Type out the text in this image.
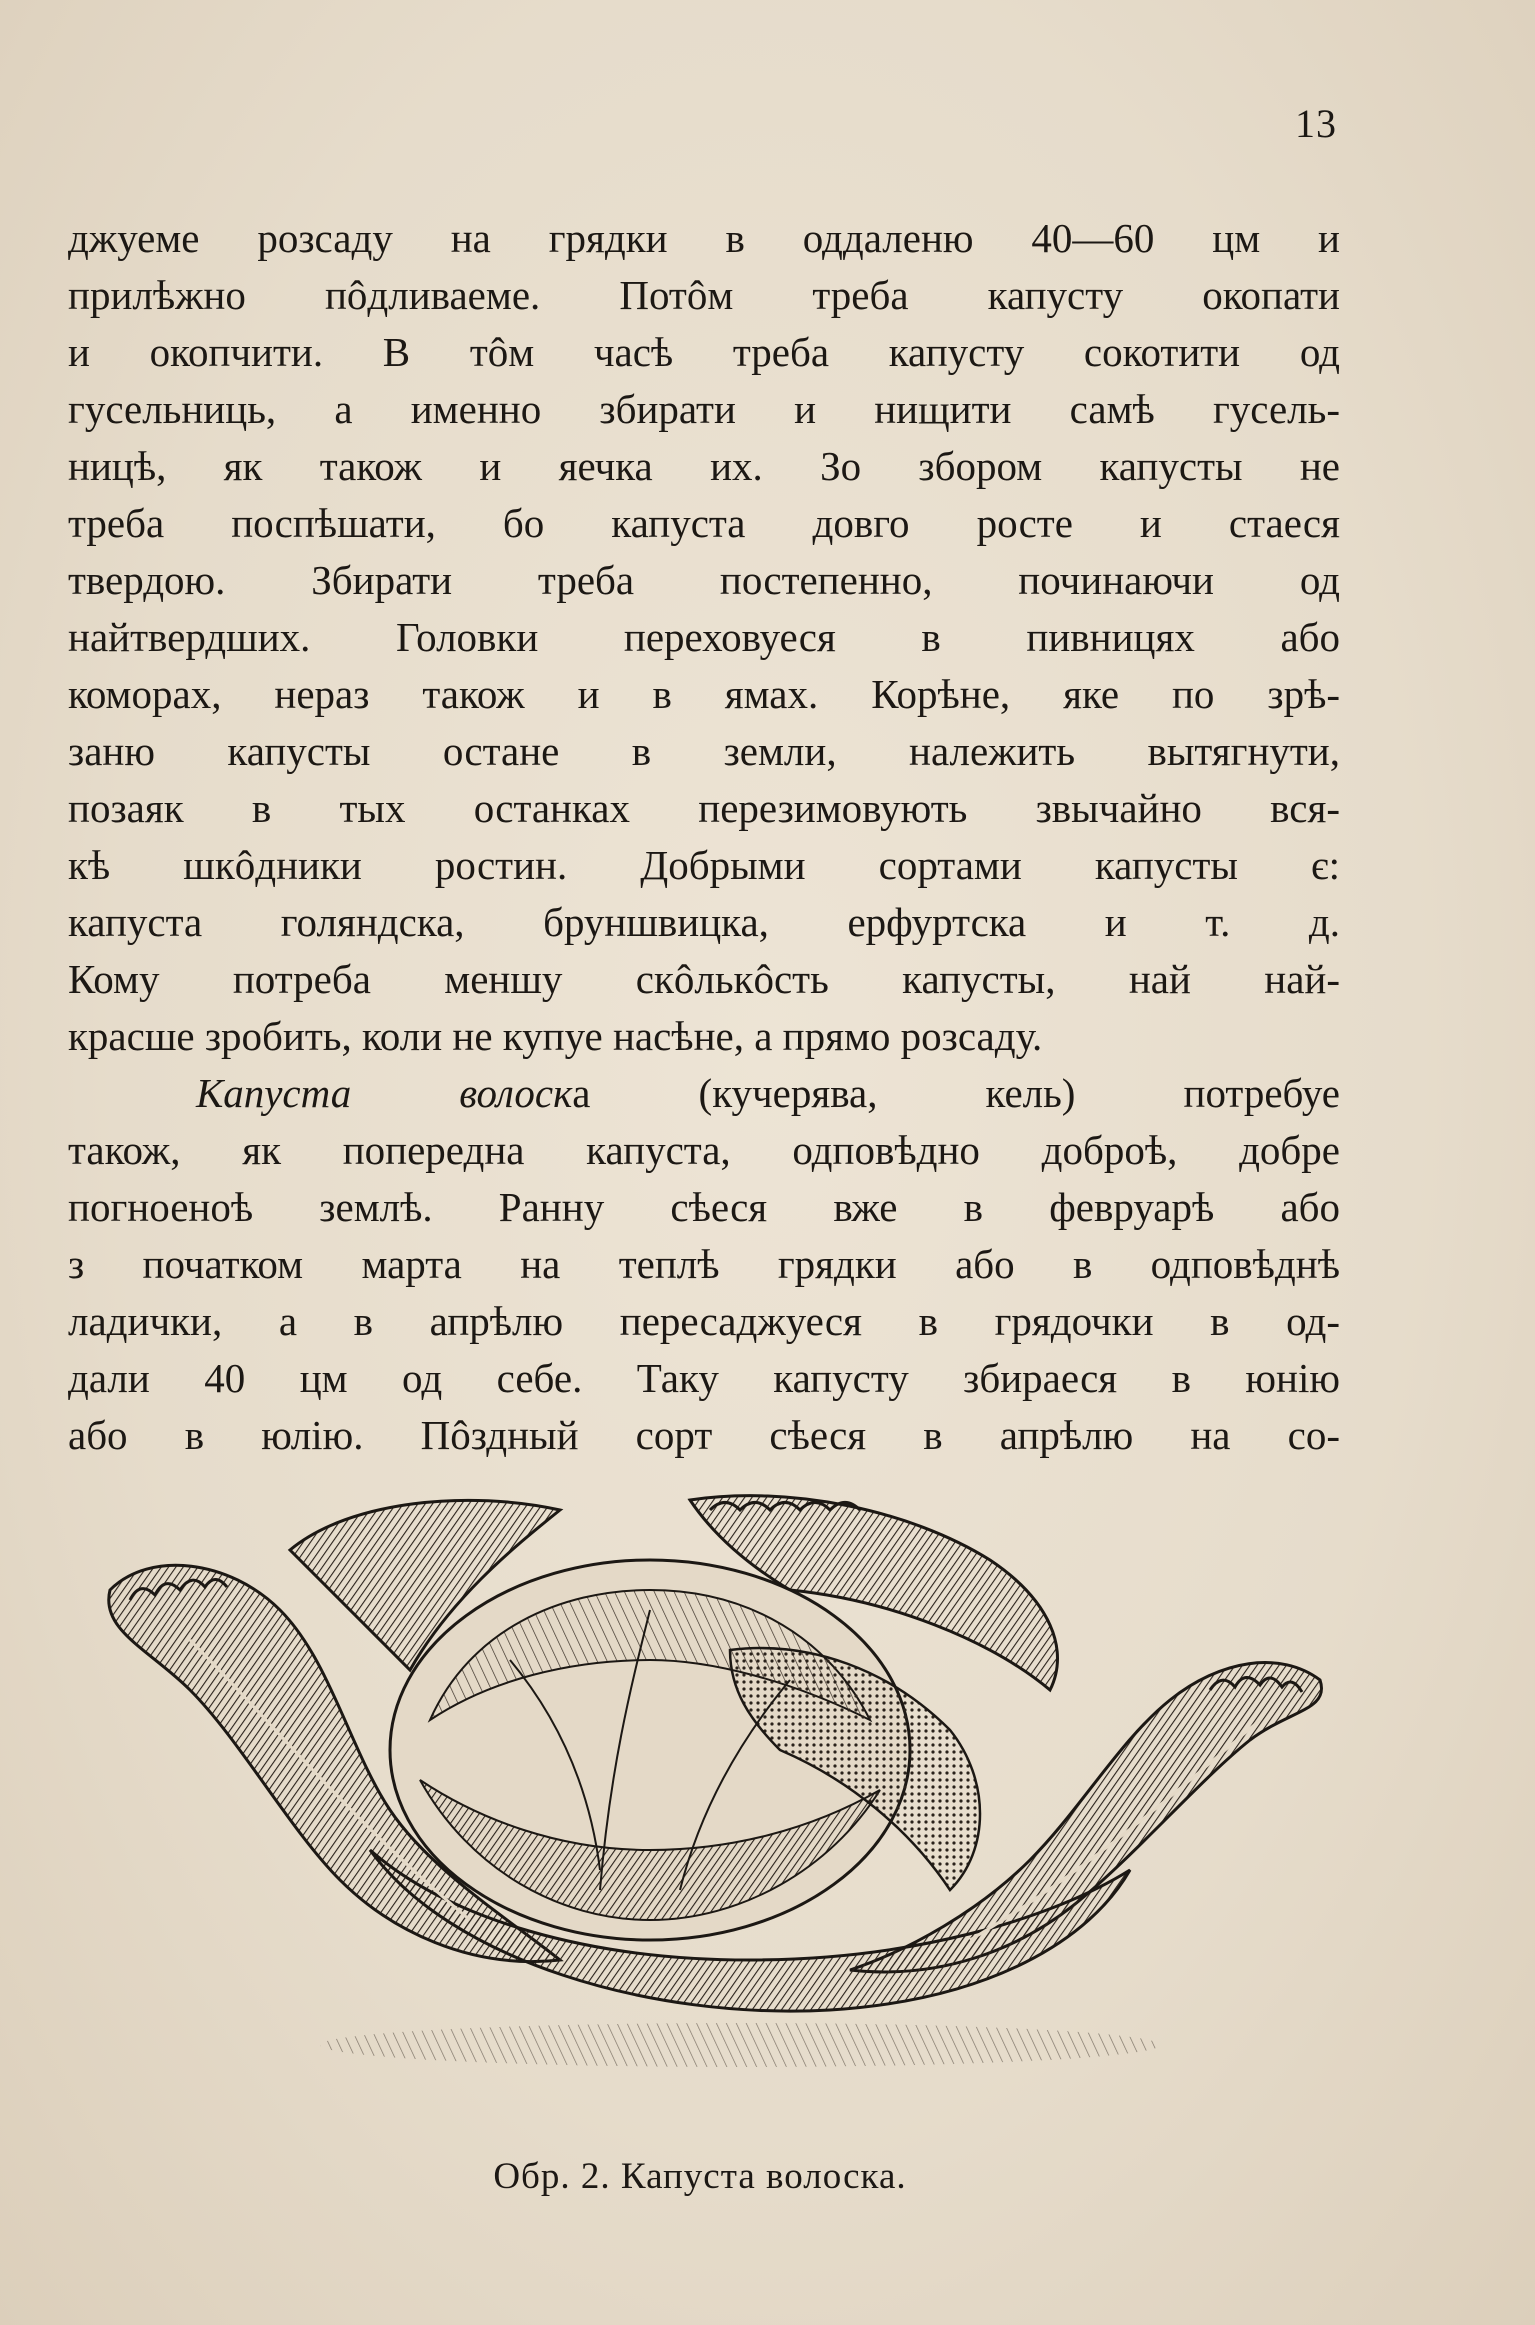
13
джуеме розсаду на грядки в оддаленю 40—60 цм и
прилѣжно пôдливаеме. Потôм треба капусту окопати
и окопчити. В тôм часѣ треба капусту сокотити од
гусельниць, а именно збирати и нищити самѣ гусель-
ницѣ, як також и яечка их. Зо збором капусты не
треба поспѣшати, бо капуста довго росте и стаеся
твердою. Збирати треба постепенно, починаючи од
найтвердших. Головки переховуеся в пивницях або
коморах, нераз також и в ямах. Корѣне, яке по зрѣ-
заню капусты остане в земли, належить вытягнути,
позаяк в тых останках перезимовують звычайно вся-
кѣ шкôдники ростин. Добрыми сортами капусты є:
капуста голяндска, бруншвицка, ерфуртска и т. д.
Кому потреба меншу скôлькôсть капусты, най най-
красше зробить, коли не купуе насѣне, а прямо розсаду.
Капуста волоска (кучерява, кель) потребуе
також, як попередна капуста, одповѣдно доброѣ, добре
погноеноѣ землѣ. Ранну сѣеся вже в февруарѣ або
з початком марта на теплѣ грядки або в одповѣднѣ
ладички, а в апрѣлю пересаджуеся в грядочки в од-
дали 40 цм од себе. Таку капусту збираеся в юнію
або в юлію. Пôздный сорт сѣеся в апрѣлю на со-
Обр. 2. Капуста волоска.
